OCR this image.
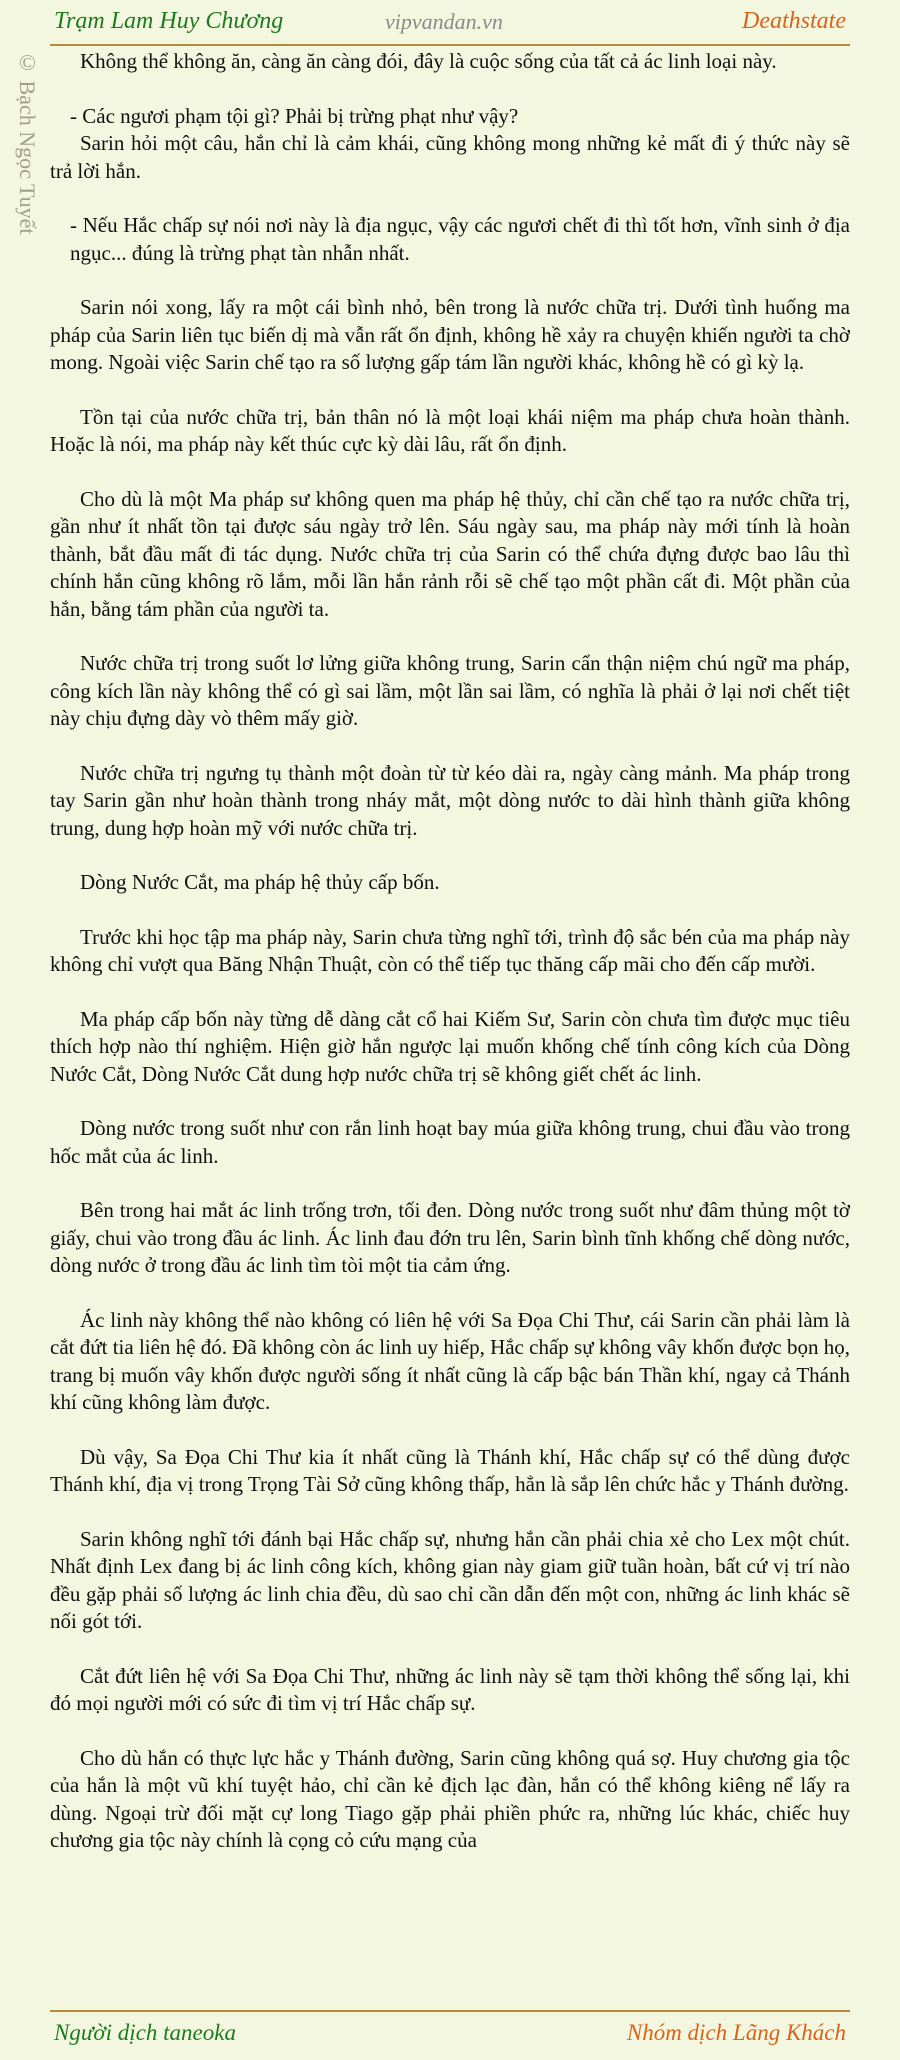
Trạm Lam Huy Chương	vipvandan.vn	Deathstate
© Bạch Ngọc Tuyết	Không thể không ăn, càng ăn càng đói, đây là cuộc sống của tất cả ác linh loại này.

- Các ngươi phạm tội gì? Phải bị trừng phạt như vậy?

Sarin hỏi một câu, hắn chỉ là cảm khái, cũng không mong những kẻ mất đi ý thức này sẽ trả lời hắn.

- Nếu Hắc chấp sự nói nơi này là địa ngục, vậy các ngươi chết đi thì tốt hơn, vĩnh sinh ở địa ngục... đúng là trừng phạt tàn nhẫn nhất.

Sarin nói xong, lấy ra một cái bình nhỏ, bên trong là nước chữa trị. Dưới tình huống ma pháp của Sarin liên tục biến dị mà vẫn rất ổn định, không hề xảy ra chuyện khiến người ta chờ mong. Ngoài việc Sarin chế tạo ra số lượng gấp tám lần người khác, không hề có gì kỳ lạ.

Tồn tại của nước chữa trị, bản thân nó là một loại khái niệm ma pháp chưa hoàn thành. Hoặc là nói, ma pháp này kết thúc cực kỳ dài lâu, rất ổn định.

Cho dù là một Ma pháp sư không quen ma pháp hệ thủy, chỉ cần chế tạo ra nước chữa trị, gần như ít nhất tồn tại được sáu ngày trở lên. Sáu ngày sau, ma pháp này mới tính là hoàn thành, bắt đầu mất đi tác dụng. Nước chữa trị của Sarin có thể chứa đựng được bao lâu thì chính hắn cũng không rõ lắm, mỗi lần hắn rảnh rỗi sẽ chế tạo một phần cất đi. Một phần của hắn, bằng tám phần của người ta.

Nước chữa trị trong suốt lơ lửng giữa không trung, Sarin cẩn thận niệm chú ngữ ma pháp, công kích lần này không thể có gì sai lầm, một lần sai lầm, có nghĩa là phải ở lại nơi chết tiệt này chịu đựng dày vò thêm mấy giờ.

Nước chữa trị ngưng tụ thành một đoàn từ từ kéo dài ra, ngày càng mảnh. Ma pháp trong tay Sarin gần như hoàn thành trong nháy mắt, một dòng nước to dài hình thành giữa không trung, dung hợp hoàn mỹ với nước chữa trị.

Dòng Nước Cắt, ma pháp hệ thủy cấp bốn.

Trước khi học tập ma pháp này, Sarin chưa từng nghĩ tới, trình độ sắc bén của ma pháp này không chỉ vượt qua Băng Nhận Thuật, còn có thể tiếp tục thăng cấp mãi cho đến cấp mười.

Ma pháp cấp bốn này từng dễ dàng cắt cổ hai Kiếm Sư, Sarin còn chưa tìm được mục tiêu thích hợp nào thí nghiệm. Hiện giờ hắn ngược lại muốn khống chế tính công kích của Dòng Nước Cắt, Dòng Nước Cắt dung hợp nước chữa trị sẽ không giết chết ác linh.

Dòng nước trong suốt như con rắn linh hoạt bay múa giữa không trung, chui đầu vào trong hốc mắt của ác linh.

Bên trong hai mắt ác linh trống trơn, tối đen. Dòng nước trong suốt như đâm thủng một tờ giấy, chui vào trong đầu ác linh. Ác linh đau đớn tru lên, Sarin bình tĩnh khống chế dòng nước, dòng nước ở trong đầu ác linh tìm tòi một tia cảm ứng.

Ác linh này không thể nào không có liên hệ với Sa Đọa Chi Thư, cái Sarin cần phải làm là cắt đứt tia liên hệ đó. Đã không còn ác linh uy hiếp, Hắc chấp sự không vây khốn được bọn họ, trang bị muốn vây khốn được người sống ít nhất cũng là cấp bậc bán Thần khí, ngay cả Thánh khí cũng không làm được.

Dù vậy, Sa Đọa Chi Thư kia ít nhất cũng là Thánh khí, Hắc chấp sự có thể dùng được Thánh khí, địa vị trong Trọng Tài Sở cũng không thấp, hẳn là sắp lên chức hắc y Thánh đường.

Sarin không nghĩ tới đánh bại Hắc chấp sự, nhưng hắn cần phải chia xẻ cho Lex một chút. Nhất định Lex đang bị ác linh công kích, không gian này giam giữ tuần hoàn, bất cứ vị trí nào đều gặp phải số lượng ác linh chia đều, dù sao chỉ cần dẫn đến một con, những ác linh khác sẽ nối gót tới.

Cắt đứt liên hệ với Sa Đọa Chi Thư, những ác linh này sẽ tạm thời không thể sống lại, khi đó mọi người mới có sức đi tìm vị trí Hắc chấp sự.

Cho dù hắn có thực lực hắc y Thánh đường, Sarin cũng không quá sợ. Huy chương gia tộc của hắn là một vũ khí tuyệt hảo, chỉ cần kẻ địch lạc đàn, hắn có thể không kiêng nể lấy ra dùng. Ngoại trừ đối mặt cự long Tiago gặp phải phiền phức ra, những lúc khác, chiếc huy chương gia tộc này chính là cọng cỏ cứu mạng của

Người dịch taneoka	Nhóm dịch Lãng Khách
